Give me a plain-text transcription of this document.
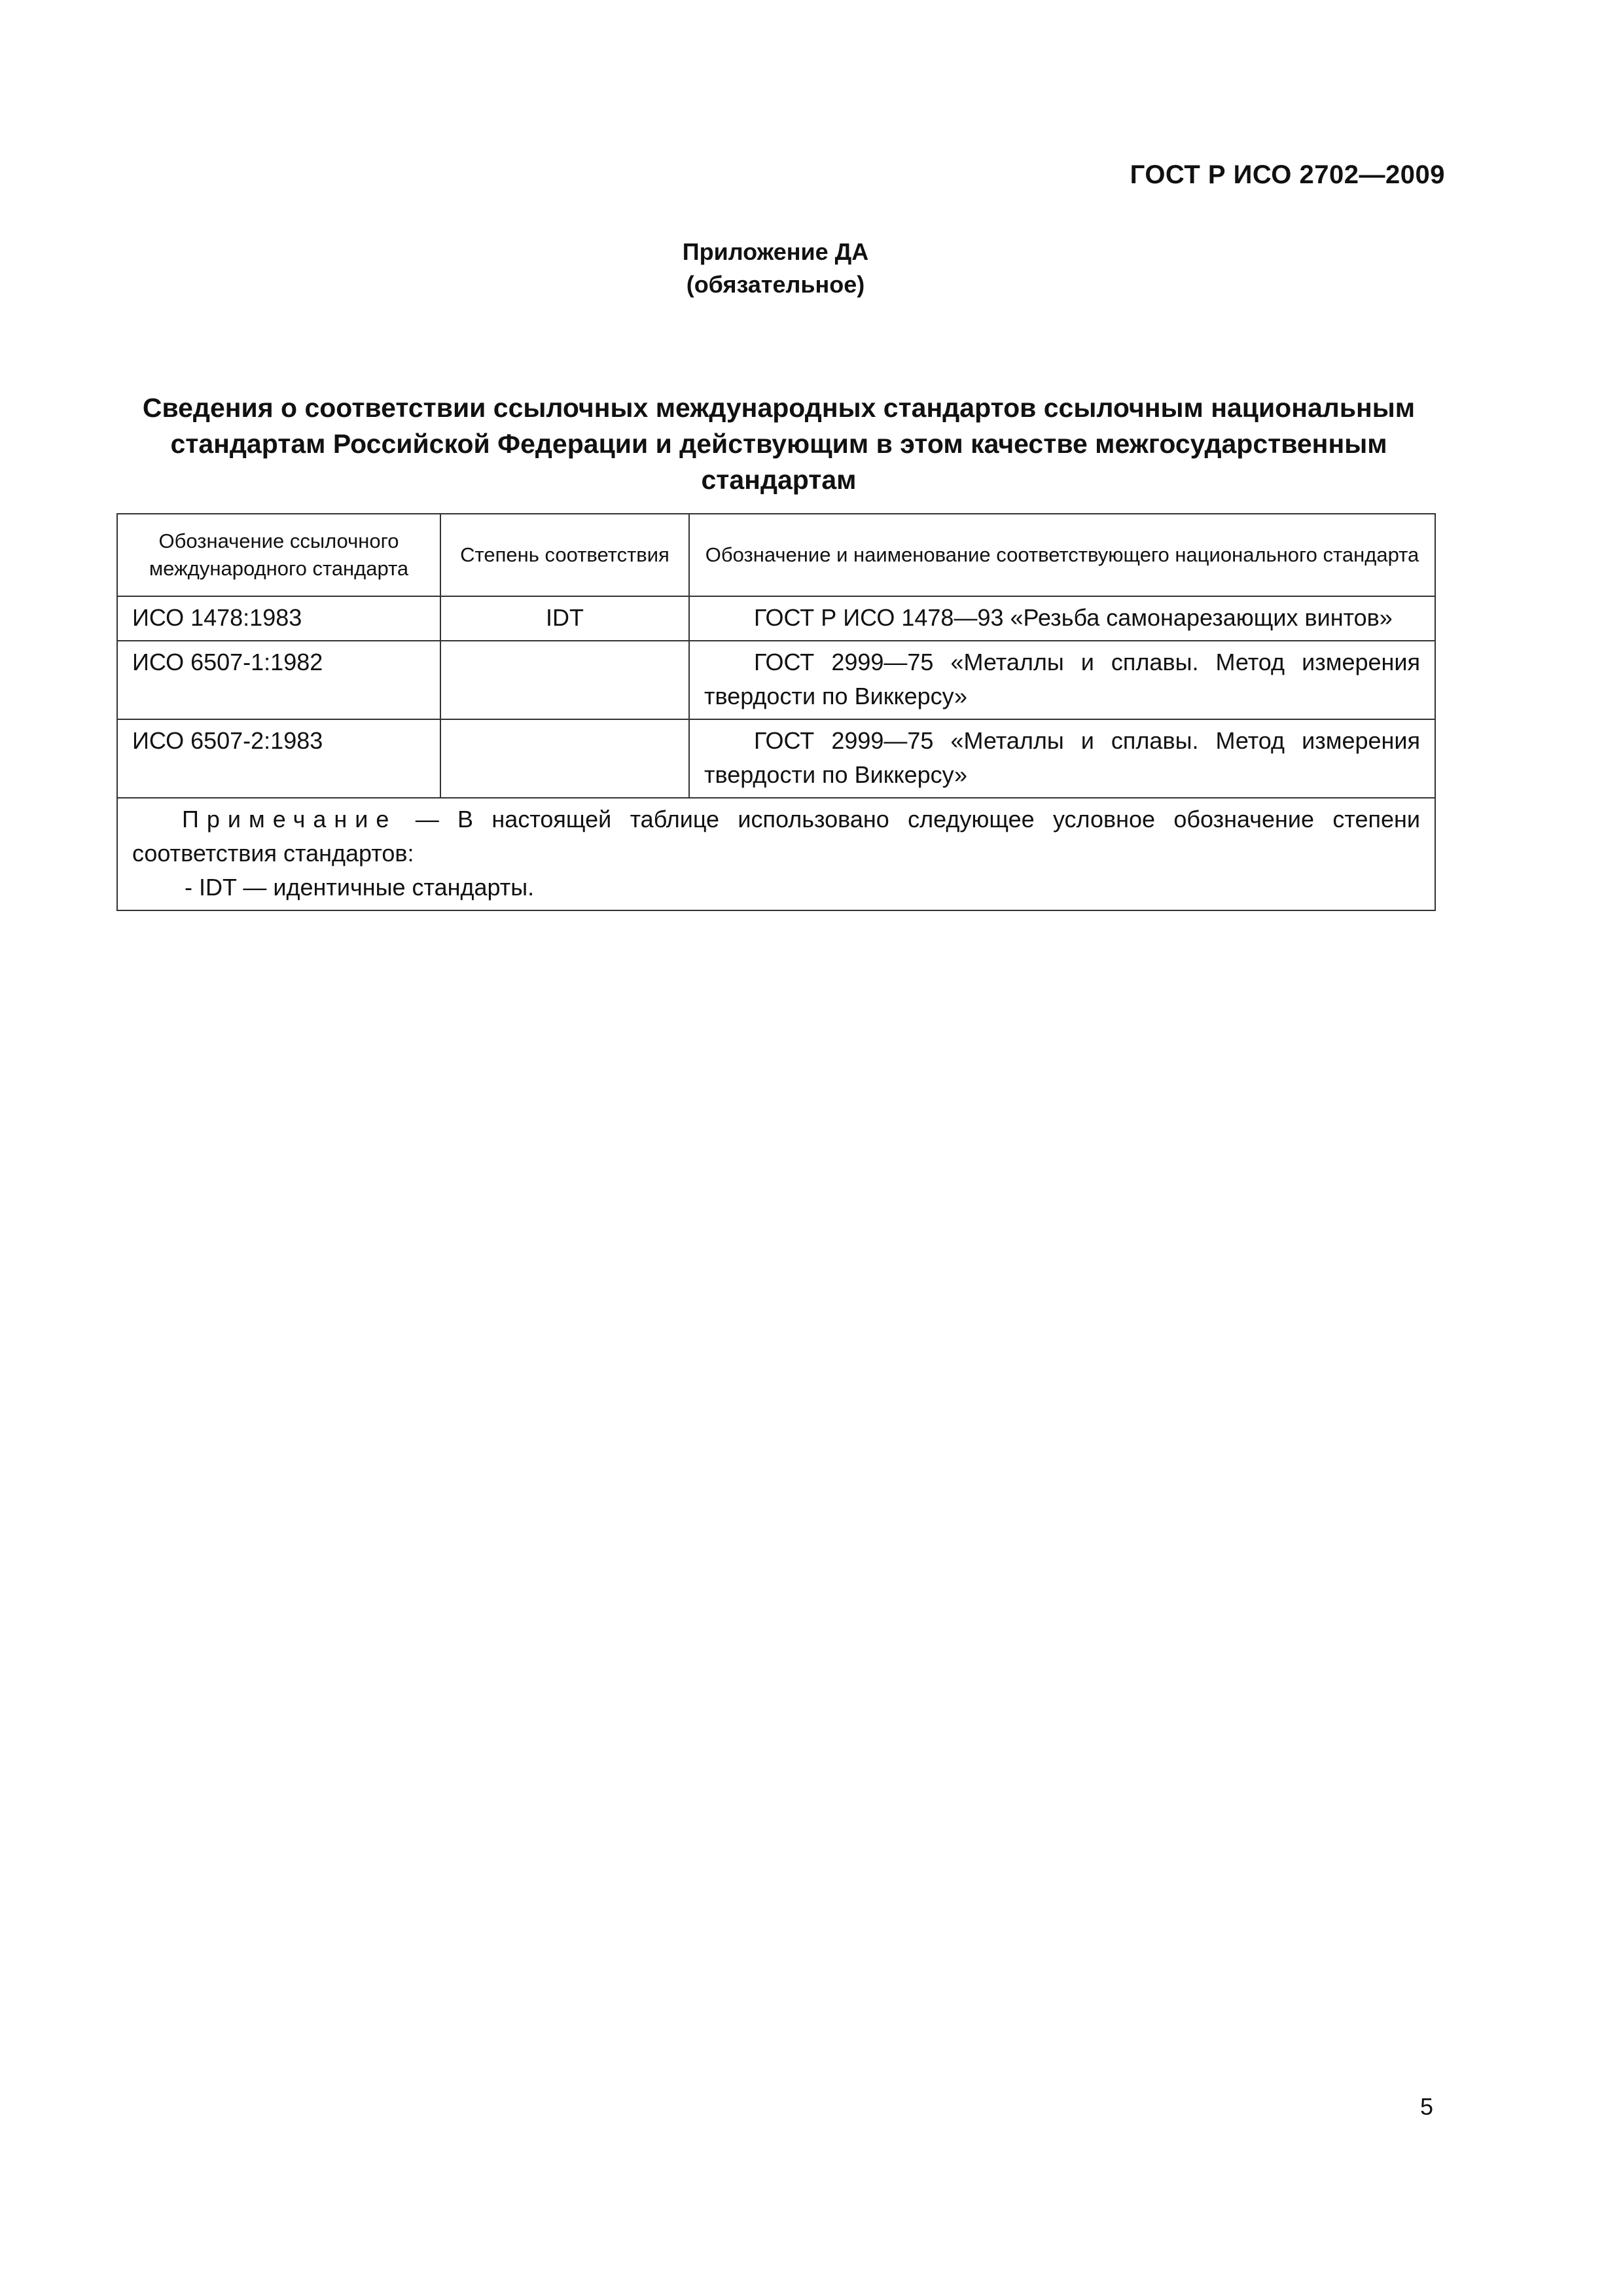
ГОСТ Р ИСО 2702—2009
Приложение ДА
(обязательное)
Сведения о соответствии ссылочных международных стандартов ссылочным национальным стандартам Российской Федерации и действующим в этом качестве межгосударственным стандартам
Обозначение ссылочного международного стандарта	Степень соответствия	Обозначение и наименование соответствующего национального стандарта
ИСО 1478:1983	IDT	ГОСТ Р ИСО 1478—93 «Резьба самонарезающих винтов»
ИСО 6507-1:1982		ГОСТ 2999—75 «Металлы и сплавы. Метод измерения твердости по Виккерсу»
ИСО 6507-2:1983		ГОСТ 2999—75 «Металлы и сплавы. Метод измерения твердости по Виккерсу»

Примечание — В настоящей таблице использовано следующее условное обозначение степени соответствия стандартов:
- IDT — идентичные стандарты.		
5
